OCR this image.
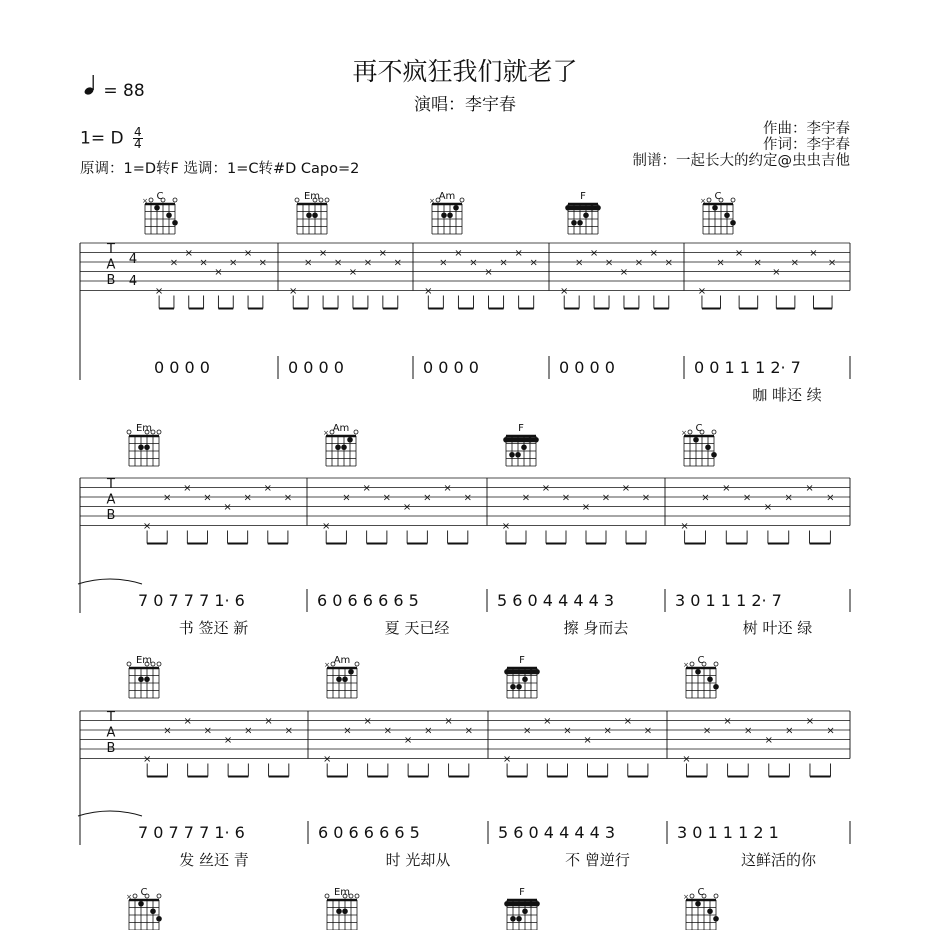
再不疯狂我们就老了
演唱：李宇春
= 88
1= D $\frac{4}{4}$
原调：1=D转F 选调：1=C转#D Capo=2
作曲：李宇春
作词：李宇春
制谱：一起长大的约定@虫虫吉他
T
A
B
4
4
C
×
×
×
×
×
×
×
×
×
0 0 0 0
Em
×
×
×
×
×
×
×
×
0 0 0 0
Am
×
×
×
×
×
×
×
×
×
0 0 0 0
F
×
×
×
×
×
×
×
×
0 0 0 0
C
×
×
×
×
×
×
×
×
×
0 0 1 1 1 2· 7
咖 啡还 续
T
A
B
Em
×
×
×
×
×
×
×
×
7 0 7 7 7 1· 6
书 签还 新
Am
×
×
×
×
×
×
×
×
×
6 0 6 6 6 6 5
夏 天已经
F
×
×
×
×
×
×
×
×
5 6 0 4 4 4 4 3
擦 身而去
C
×
×
×
×
×
×
×
×
×
3 0 1 1 1 2· 7
树 叶还 绿
T
A
B
Em
×
×
×
×
×
×
×
×
7 0 7 7 7 1· 6
发 丝还 青
Am
×
×
×
×
×
×
×
×
×
6 0 6 6 6 6 5
时 光却从
F
×
×
×
×
×
×
×
×
5 6 0 4 4 4 4 3
不 曾逆行
C
×
×
×
×
×
×
×
×
×
3 0 1 1 1 2 1
这鲜活的你
C
×	Em	F	C
×
